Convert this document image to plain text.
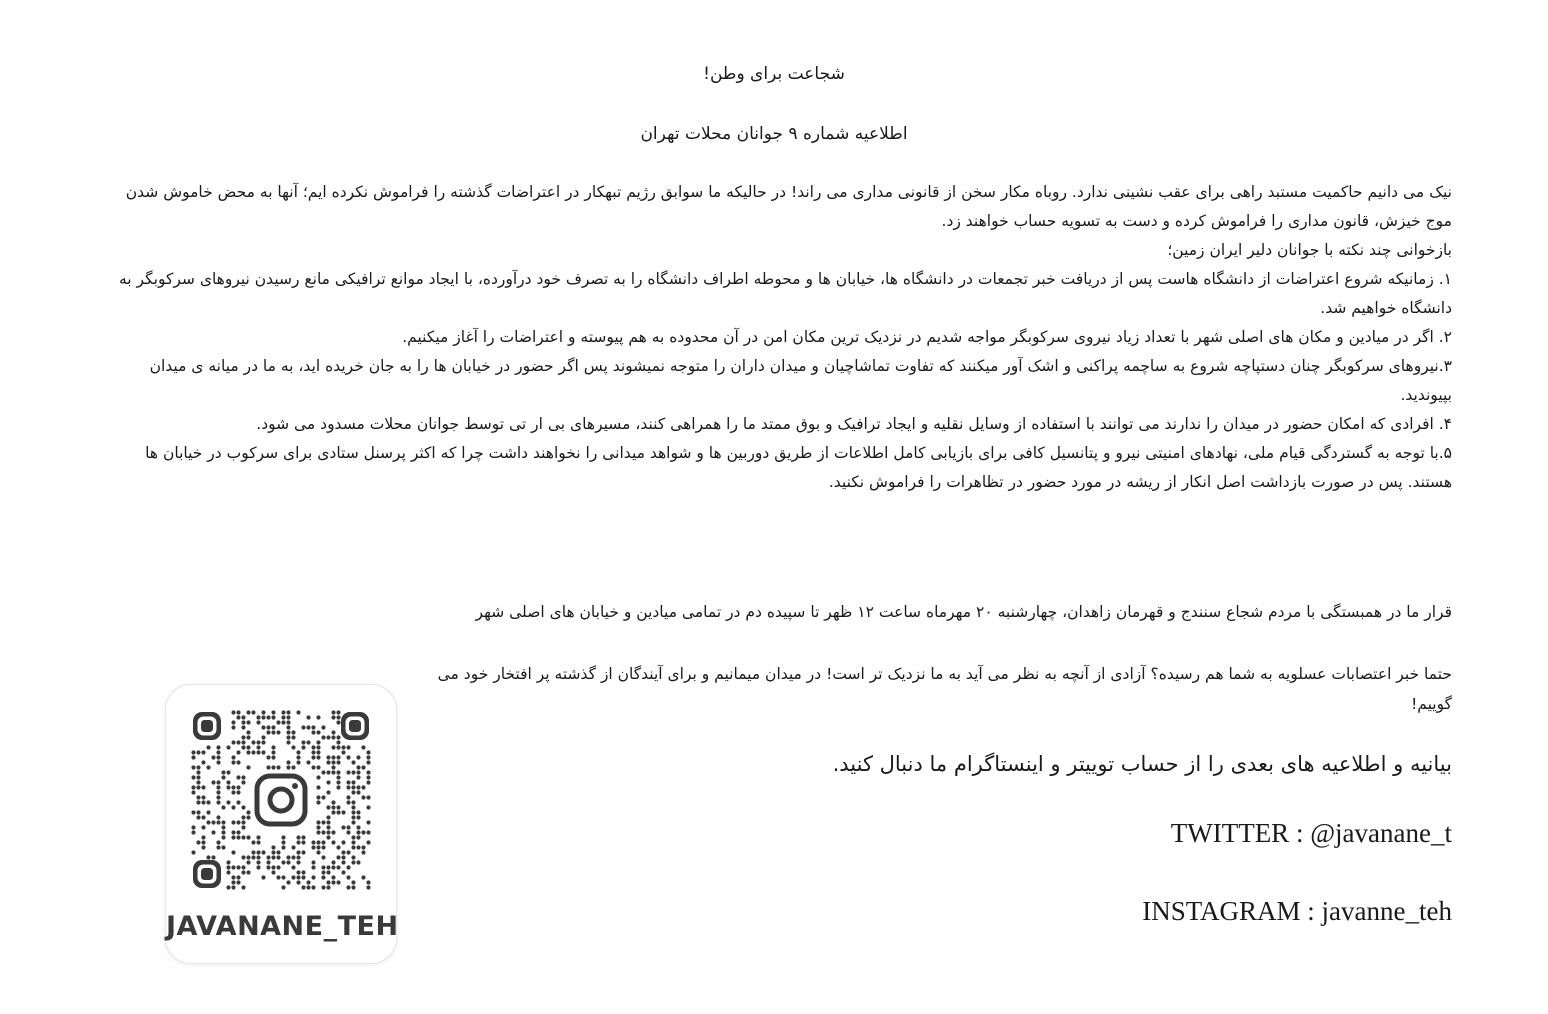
شجاعت برای وطن!
اطلاعیه شماره ۹ جوانان محلات تهران

نیک می دانیم حاکمیت مستبد راهی برای عقب نشینی ندارد. روباه مکار سخن از قانونی مداری می راند! در حالیکه ما سوابق رژیم تبهکار در اعتراضات گذشته را فراموش نکرده ایم؛ آنها به محض خاموش شدن موج خیزش، قانون مداری را فراموش کرده و دست به تسویه حساب خواهند زد.

بازخوانی چند نکته با جوانان دلیر ایران زمین؛

۱. زمانیکه شروع اعتراضات از دانشگاه هاست پس از دریافت خبر تجمعات در دانشگاه ها، خیابان ها و محوطه اطراف دانشگاه را به تصرف خود درآورده، با ایجاد موانع ترافیکی مانع رسیدن نیروهای سرکوبگر به دانشگاه خواهیم شد.

۲. اگر در میادین و مکان های اصلی شهر با تعداد زیاد نیروی سرکوبگر مواجه شدیم در نزدیک ترین مکان امن در آن محدوده به هم پیوسته و اعتراضات را آغاز میکنیم.

۳.نیروهای سرکوبگر چنان دستپاچه شروع به ساچمه پراکنی و اشک آور میکنند که تفاوت تماشاچیان و میدان داران را متوجه نمیشوند پس اگر حضور در خیابان ها را به جان خریده اید، به ما در میانه ی میدان بپیوندید.

۴. افرادی که امکان حضور در میدان را ندارند می توانند با استفاده از وسایل نقلیه و ایجاد ترافیک و بوق ممتد ما را همراهی کنند، مسیرهای بی ار تی توسط جوانان محلات مسدود می شود.

۵.با توجه به گستردگی قیام ملی، نهادهای امنیتی نیرو و پتانسیل کافی برای بازیابی کامل اطلاعات از طریق دوربین ها و شواهد میدانی را نخواهند داشت چرا که اکثر پرسنل ستادی برای سرکوب در خیابان ها هستند. پس در صورت بازداشت اصل انکار از ریشه در مورد حضور در تظاهرات را فراموش نکنید.

قرار ما در همبستگی با مردم شجاع سنندج و قهرمان زاهدان، چهارشنبه ۲۰ مهرماه ساعت ۱۲ ظهر تا سپیده دم در تمامی میادین و خیابان های اصلی شهر

حتما خبر اعتصابات عسلویه به شما هم رسیده؟ آزادی از آنچه به نظر می آید به ما نزدیک تر است! در میدان میمانیم و برای آیندگان از گذشته پر افتخار خود می گوییم!

بیانیه و اطلاعیه های بعدی را از حساب توییتر و اینستاگرام ما دنبال کنید.

TWITTER : @javanane_t

INSTAGRAM : javanne_teh

JAVANANE_TEH
